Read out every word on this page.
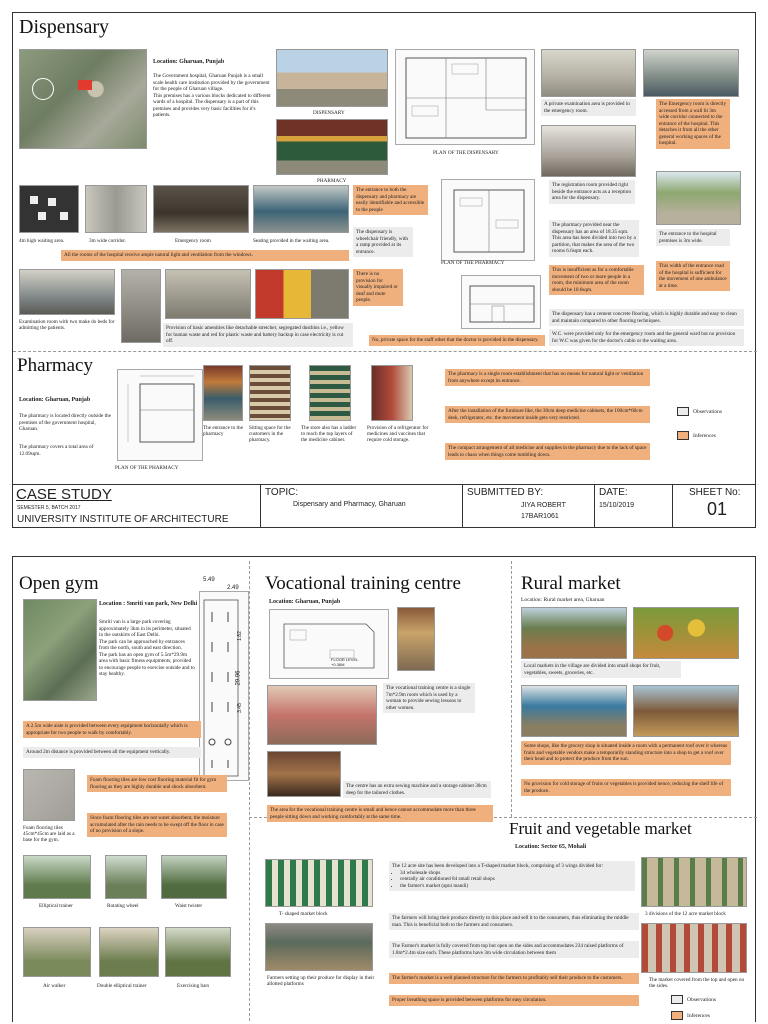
Dispensary
Location: Gharuan, Punjab
The Government hospital, Gharuan Punjab is a small scale health care institution provided by the government for the people of Gharuan village.
This premises has a various blocks dedicated to different wards of a hospital. The dispensary is a part of this premises and provides very basic facilities for it's patients.	DISPENSARY
PHARMACY
PLAN OF THE DISPENSARY
A private examination area is provided in the emergency room.
The Emergency room is directly accessed from a wall lit 3m wide corridor connected to the entrance of the hospital. This detaches it from all the other general working spaces of the hospital.
4m high waiting area.	3m wide corridor.	Emergency room	Seating provided in the waiting area.
The entrance to both the dispensary and pharmacy are easily identifiable and accessible to the people
The dispensary is wheelchair friendly, with a ramp provided at its entrance.
All the rooms of the hospital receive ample natural light and ventilation from the windows.
PLAN OF THE PHARMACY
The registration room provided right beside the entrance acts as a reception area for the dispensary.
The pharmacy provided near the dispensary has an area of 18.35 sqm. This area has been divided into two by a partition, that makes the area of the two rooms 6.6sqm each.
The entrance to the hospital premises is 3m wide.
This is insufficient as for a comfortable movement of two or more people in a room, the minimum area of the room should be 10.6sqm.
This width of the entrance road of the hospital is sufficient for the movement of one ambulance at a time.
Examination room with two make do beds for admitting the patients.	Provision of basic amenities like detachable stretcher, segregated dustbins i.e., yellow for human waste and red for plastic waste and battery backup in case electricity is cut off.
There is no provision for visually impaired or deaf and mute people.
The dispensary has a cement concrete flooring, which is highly durable and easy to clean and maintain compared to other flooring techniques.
No, private space for the staff other that the doctor is provided in the dispensary.
W.C. were provided only for the emergency room and the general ward but no provision for W.C was given for the doctor's cabin or the waiting area.
Pharmacy
Location: Gharuan, Punjab
The pharmacy is located directly outside the premises of the government hospital, Gharuan.
The pharmacy covers a total area of 12.09sqm.
PLAN OF THE PHARMACY
The entrance to the pharmacy
Sitting space for the customers in the pharmacy.
The store also has a ladder to reach the top layers of the medicine cabinet.
Provision of a refrigerator for medicines and vaccines that require cold storage.
The pharmacy is a single room establishment that has no means for natural light or ventilation from anywhere except its entrance.
After the installation of the furniture like, the 30cm deep medicine cabinets, the 100cm*60cm desk, refrigerator, etc. the movement inside gets very restricted.
The compact arrangement of all medicine and supplies in the pharmacy due to the lack of space leads to chaos when things come tumbling down.
Observations
Inferences
CASE STUDY
SEMESTER 5, BATCH 2017
UNIVERSITY INSTITUTE OF ARCHITECTURE
TOPIC:
Dispensary and Pharmacy, Gharuan
SUBMITTED BY:
JIYA ROBERT
17BAR1061
DATE:
15/10/2019
SHEET No:
01
Open gym
Location : Smriti van park, New Delhi
Smriti van is a large park covering approximately 3km in its perimeter, situated in the outskirts of East Delhi.
The park can be approached by entrances from the north, south and east direction.
The park has an open gym of 5.5m*29.9m area with basic fitness equipments, provided to encourage people to exercise outside and to stay healthy.
5.49
2.49
1.82
29.96
3.45
A 2.5m wide aisle is provided between every equipment horizontally which is appropriate for two people to walk by comfortably.
Around 2m distance is provided between all the equipment vertically.
Foam flooring tiles 45cm*45cm are laid as a base for the gym.
Foam flooring tiles are low cost flooring material fit for gym flooring as they are highly durable and shock absorbent.
Since foam flooring tiles are not water absorbent, the moisture accumulated after the rain needs to be swept off the floor in case of no provision of a slope.
Elliptical trainer	Rotating wheel	Waist twister
Air walker	Double elliptical trainer	Exercising bars
Vocational training centre
Location: Gharuan, Punjab
FLOOR LEVEL +0.36M
The vocational training centre is a single 7m*2.9m room which is used by a woman to provide sewing lessons to other women.
The centre has an extra sewing machine and a storage cabinet 30cm deep for the tailored clothes.
The area for the vocational training centre is small and hence cannot accommodate more than three people sitting down and working comfortably at the same time.
Rural market
Location: Rural market area, Gharuan
Local markets in the village are divided into small shops for fruit, vegetables, sweets, groceries, etc.
Some shops, like the grocery shop is situated inside a room with a permanent roof over it whereas fruits and vegetable vendors make a temporarily standing structure into a shop to get a roof over their head and to protect the produce from the sun.
No provision for cold storage of fruits or vegetables is provided hence, reducing the shelf life of the produce.
Fruit and vegetable market
Location: Sector 65, Mohali
T- shaped market block
Farmers setting up their produce for display in their allotted platforms
The 12 acre site has been developed into a T-shaped market block, comprising of 3 wings divided for:
• 34 wholesale shops
• centrally air conditioned 84 small retail shops
• the farmer's market (apni mandi)
The farmers will bring their produce directly to this place and sell it to the consumers, thus eliminating the middle man. This is beneficial both to the farmers and consumers.
The Farmer's market is fully covered from top but open on the sides and accommodates 234 raised platforms of 1.8m*2.4m size each. These platforms have 3m wide circulation between them
The farmer's market is a well planned structure for the farmers to profitably sell their produce to the customers.
Proper breathing space is provided between platforms for easy circulation.
3 divisions of the 12 acre market block
The market covered from the top and open on the sides.
Observations
Inferences
